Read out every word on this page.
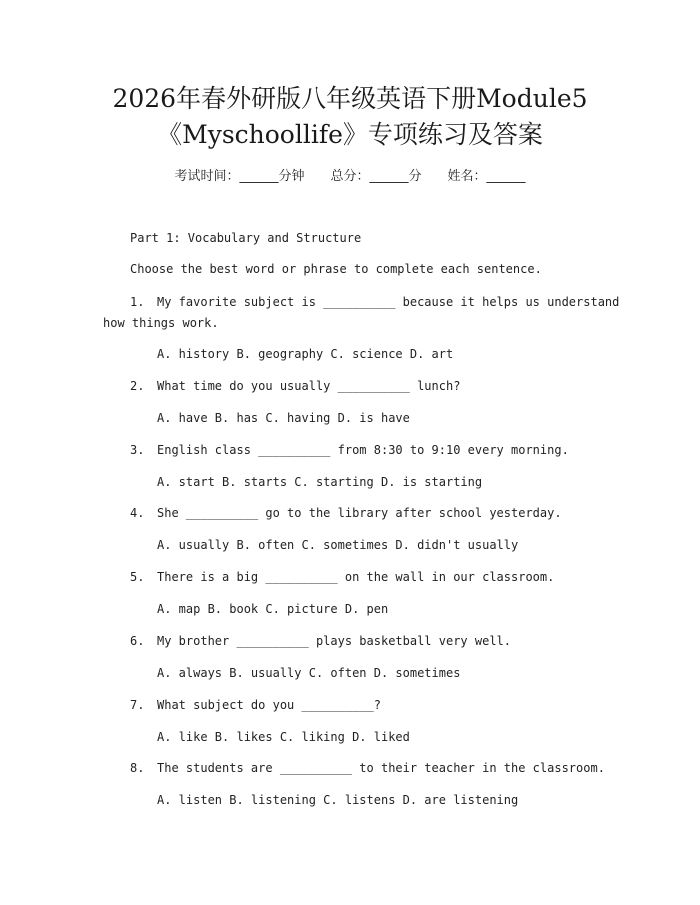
2026年春外研版八年级英语下册Module5
《Myschoollife》专项练习及答案
考试时间：______分钟 总分：______分 姓名：______
Part 1: Vocabulary and Structure
Choose the best word or phrase to complete each sentence.
1. My favorite subject is __________ because it helps us understand
how things work.
A. history B. geography C. science D. art
2. What time do you usually __________ lunch?
A. have B. has C. having D. is have
3. English class __________ from 8:30 to 9:10 every morning.
A. start B. starts C. starting D. is starting
4. She __________ go to the library after school yesterday.
A. usually B. often C. sometimes D. didn't usually
5. There is a big __________ on the wall in our classroom.
A. map B. book C. picture D. pen
6. My brother __________ plays basketball very well.
A. always B. usually C. often D. sometimes
7. What subject do you __________?
A. like B. likes C. liking D. liked
8. The students are __________ to their teacher in the classroom.
A. listen B. listening C. listens D. are listening
